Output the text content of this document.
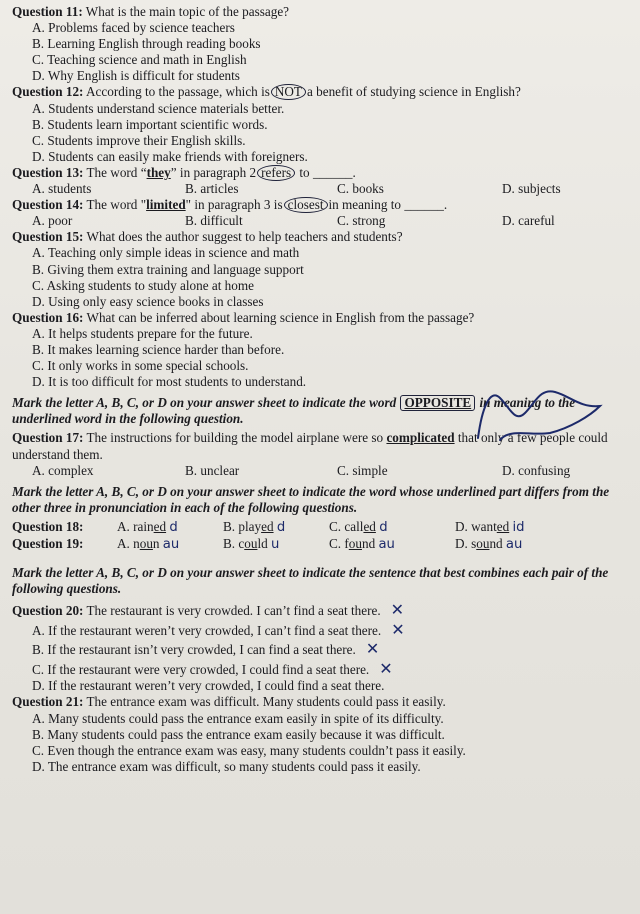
Question 11: What is the main topic of the passage?

A. Problems faced by science teachers

B. Learning English through reading books

C. Teaching science and math in English

D. Why English is difficult for students

Question 12: According to the passage, which is NOT a benefit of studying science in English?

A. Students understand science materials better.

B. Students learn important scientific words.

C. Students improve their English skills.

D. Students can easily make friends with foreigners.

Question 13: The word “they” in paragraph 2 refers to ______.

A. students	B. articles	C. books	D. subjects

Question 14: The word "limited" in paragraph 3 is closest in meaning to ______.

A. poor	B. difficult	C. strong	D. careful

Question 15: What does the author suggest to help teachers and students?

A. Teaching only simple ideas in science and math

B. Giving them extra training and language support

C. Asking students to study alone at home

D. Using only easy science books in classes

Question 16: What can be inferred about learning science in English from the passage?

A. It helps students prepare for the future.

B. It makes learning science harder than before.

C. It only works in some special schools.

D. It is too difficult for most students to understand.

Mark the letter A, B, C, or D on your answer sheet to indicate the word OPPOSITE in meaning to the underlined word in the following question.

Question 17: The instructions for building the model airplane were so complicated that only a few people could understand them.

A. complex	B. unclear	C. simple	D. confusing

Mark the letter A, B, C, or D on your answer sheet to indicate the word whose underlined part differs from the other three in pronunciation in each of the following questions.

Question 18:	A. rained d	B. played d	C. called d	D. wanted id
Question 19:	A. noun au	B. could u	C. found au	D. sound au

Mark the letter A, B, C, or D on your answer sheet to indicate the sentence that best combines each pair of the following questions.

Question 20: The restaurant is very crowded. I can’t find a seat there. ✕

A. If the restaurant weren’t very crowded, I can’t find a seat there. ✕

B. If the restaurant isn’t very crowded, I can find a seat there. ✕

C. If the restaurant were very crowded, I could find a seat there. ✕

D. If the restaurant weren’t very crowded, I could find a seat there.

Question 21: The entrance exam was difficult. Many students could pass it easily.

A. Many students could pass the entrance exam easily in spite of its difficulty.

B. Many students could pass the entrance exam easily because it was difficult.

C. Even though the entrance exam was easy, many students couldn’t pass it easily.

D. The entrance exam was difficult, so many students could pass it easily.
